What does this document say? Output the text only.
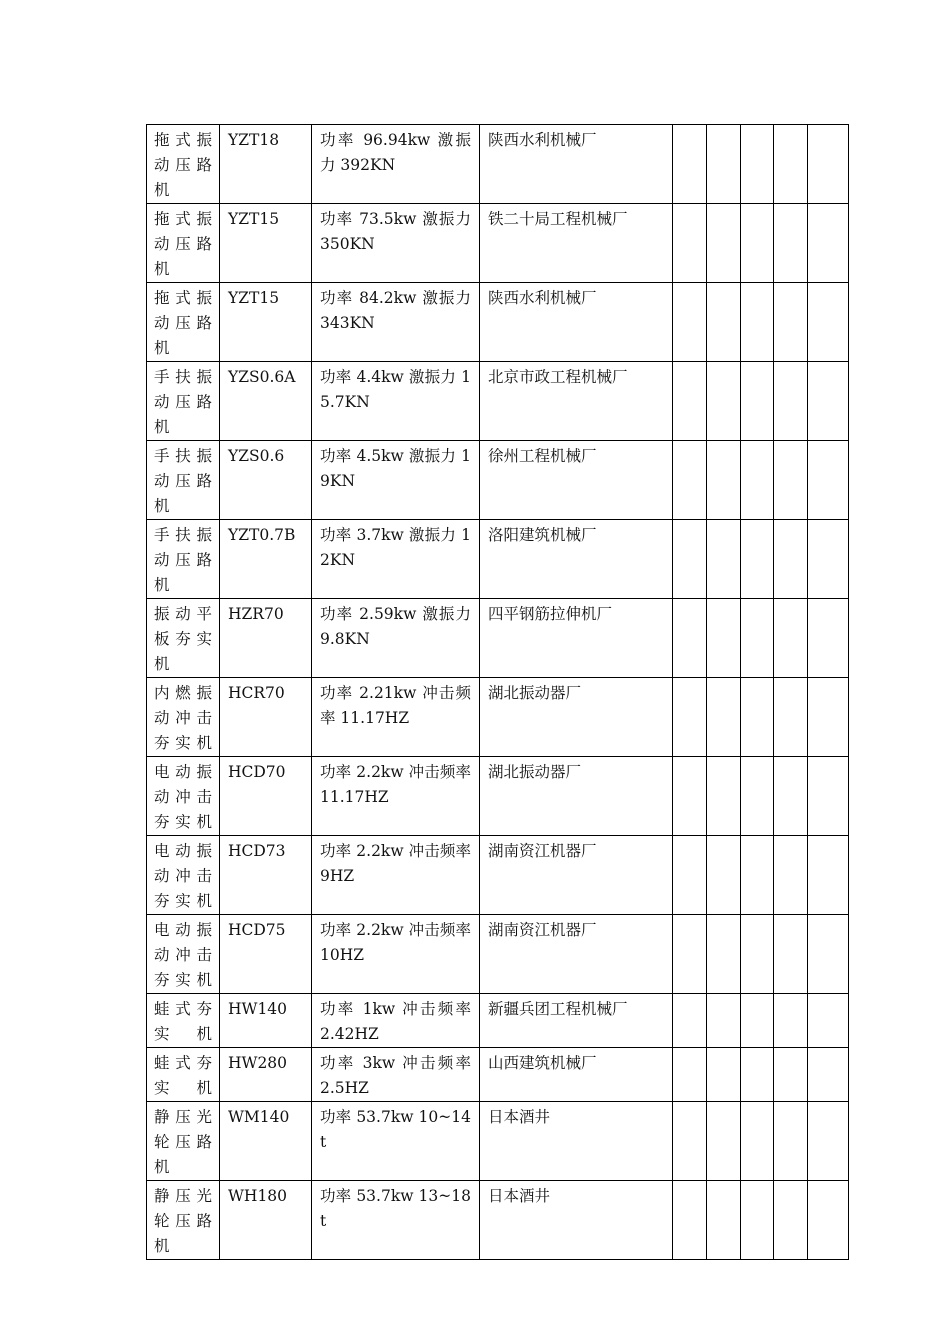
拖式振
动压路
机	YZT18	功率 96.94kw 激振力 392KN	陕西水利机械厂					

拖式振
动压路
机	YZT15	功率 73.5kw 激振力 350KN	铁二十局工程机械厂					

拖式振
动压路
机	YZT15	功率 84.2kw 激振力 343KN	陕西水利机械厂					

手扶振
动压路
机	YZS0.6A	功率 4.4kw 激振力 15.7KN	北京市政工程机械厂					

手扶振
动压路
机	YZS0.6	功率 4.5kw 激振力 19KN	徐州工程机械厂					

手扶振
动压路
机	YZT0.7B	功率 3.7kw 激振力 12KN	洛阳建筑机械厂					

振动平
板夯实
机	HZR70	功率 2.59kw 激振力 9.8KN	四平钢筋拉伸机厂					

内燃振
动冲击
夯实机	HCR70	功率 2.21kw 冲击频率 11.17HZ	湖北振动器厂					

电动振
动冲击
夯实机	HCD70	功率 2.2kw 冲击频率 11.17HZ	湖北振动器厂					

电动振
动冲击
夯实机	HCD73	功率 2.2kw 冲击频率 9HZ	湖南资江机器厂					

电动振
动冲击
夯实机	HCD75	功率 2.2kw 冲击频率 10HZ	湖南资江机器厂					

蛙式夯
实机	HW140	功率 1kw 冲击频率 2.42HZ	新疆兵团工程机械厂					

蛙式夯
实机	HW280	功率 3kw 冲击频率 2.5HZ	山西建筑机械厂					

静压光
轮压路
机	WM140	功率 53.7kw 10~14t	日本酒井					

静压光
轮压路
机	WH180	功率 53.7kw 13~18t	日本酒井					
